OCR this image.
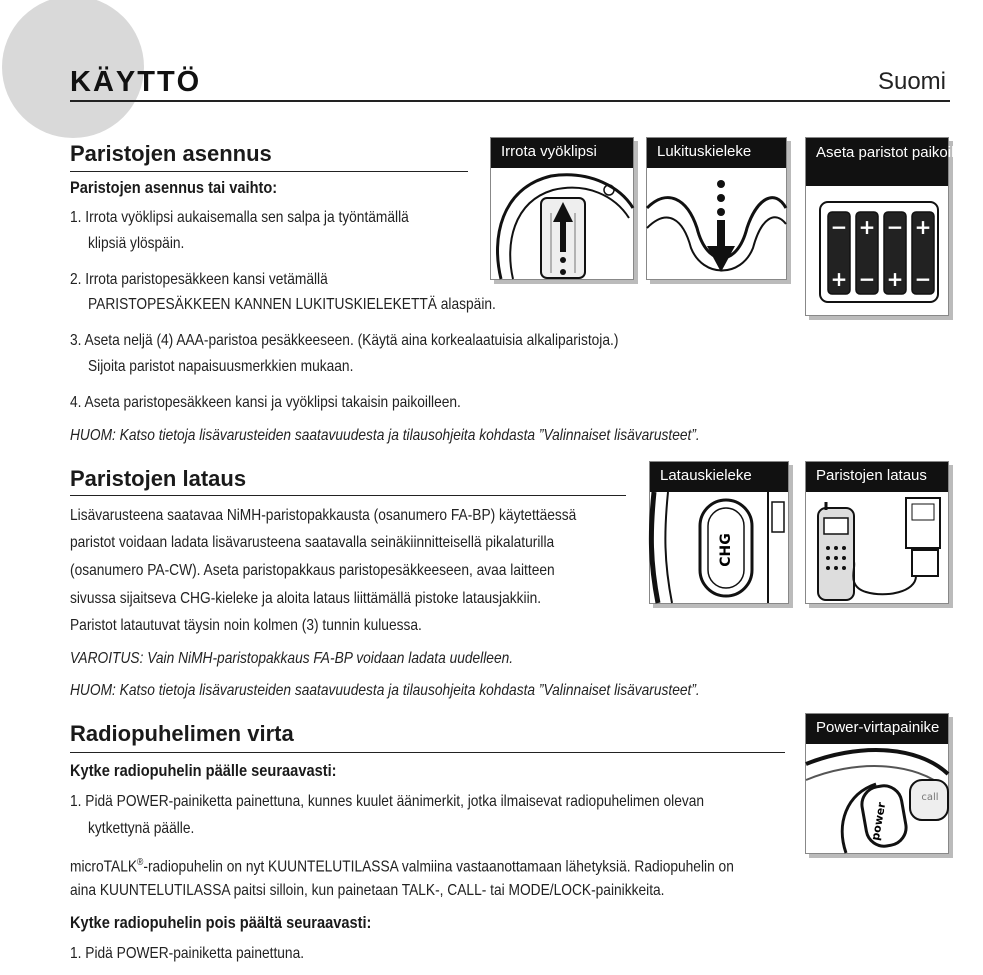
KÄYTTÖ	Suomi
Paristojen asennus
Paristojen asennus tai vaihto:
1. Irrota vyöklipsi aukaisemalla sen salpa ja työntämällä
klipsiä ylöspäin.
2. Irrota paristopesäkkeen kansi vetämällä
PARISTOPESÄKKEEN KANNEN LUKITUSKIELEKETTÄ alaspäin.
3. Aseta neljä (4) AAA-paristoa pesäkkeeseen. (Käytä aina korkealaatuisia alkaliparistoja.)
Sijoita paristot napaisuusmerkkien mukaan.
4. Aseta paristopesäkkeen kansi ja vyöklipsi takaisin paikoilleen.
HUOM: Katso tietoja lisävarusteiden saatavuudesta ja tilausohjeita kohdasta ”Valinnaiset lisävarusteet”.
Irrota vyöklipsi	Lukituskieleke	Aseta paristot paikoilleen
−
+
+
−
−
+
+
−
Paristojen lataus
Lisävarusteena saatavaa NiMH-paristopakkausta (osanumero FA-BP) käytettäessä
paristot voidaan ladata lisävarusteena saatavalla seinäkiinnitteisellä pikalaturilla
(osanumero PA-CW). Aseta paristopakkaus paristopesäkkeeseen, avaa laitteen
sivussa sijaitseva CHG-kieleke ja aloita lataus liittämällä pistoke latausjakkiin.
Paristot latautuvat täysin noin kolmen (3) tunnin kuluessa.
VAROITUS: Vain NiMH-paristopakkaus FA-BP voidaan ladata uudelleen.
HUOM: Katso tietoja lisävarusteiden saatavuudesta ja tilausohjeita kohdasta ”Valinnaiset lisävarusteet”.
Latauskieleke
CHG
Paristojen lataus
Radiopuhelimen virta
Kytke radiopuhelin päälle seuraavasti:
1. Pidä POWER-painiketta painettuna, kunnes kuulet äänimerkit, jotka ilmaisevat radiopuhelimen olevan
kytkettynä päälle.
microTALK®-radiopuhelin on nyt KUUNTELUTILASSA valmiina vastaanottamaan lähetyksiä. Radiopuhelin on
aina KUUNTELUTILASSA paitsi silloin, kun painetaan TALK-, CALL- tai MODE/LOCK-painikkeita.
Kytke radiopuhelin pois päältä seuraavasti:
1. Pidä POWER-painiketta painettuna.
Power-virtapainike
power
call
